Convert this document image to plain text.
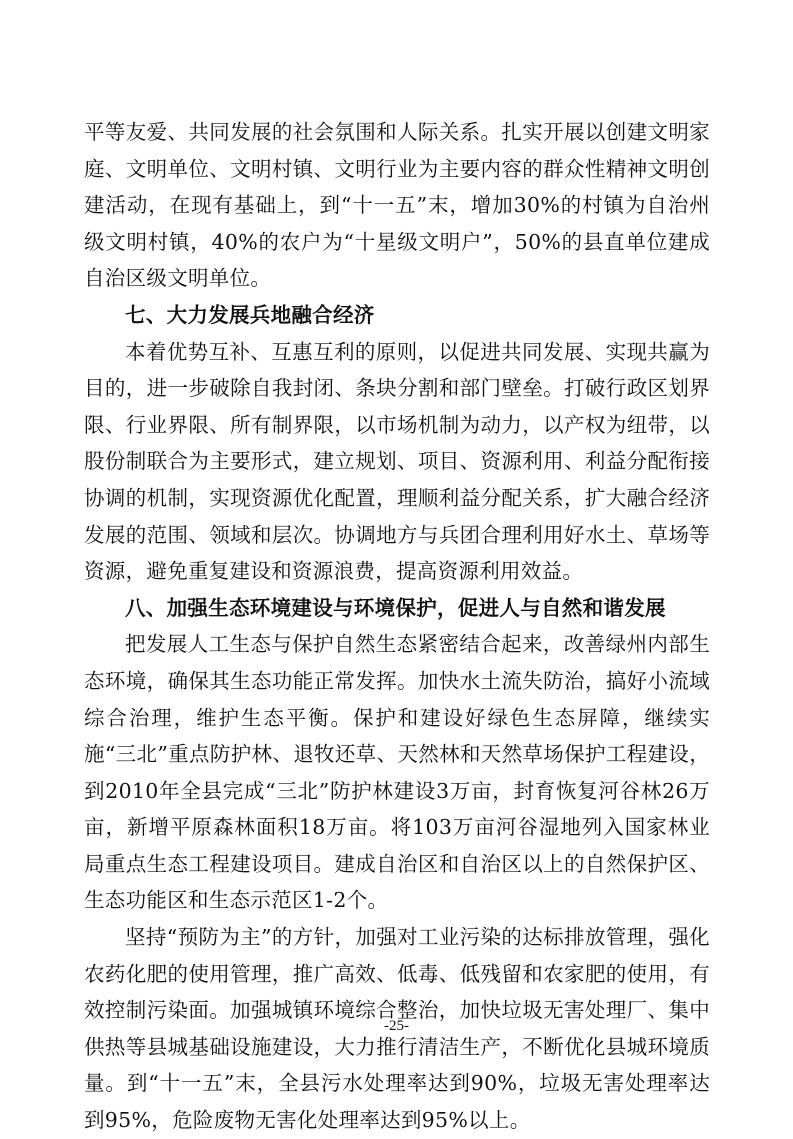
平等友爱、共同发展的社会氛围和人际关系。扎实开展以创建文明家庭、文明单位、文明村镇、文明行业为主要内容的群众性精神文明创建活动，在现有基础上，到“十一五”末，增加30%的村镇为自治州级文明村镇，40%的农户为“十星级文明户”，50%的县直单位建成自治区级文明单位。

七、大力发展兵地融合经济

本着优势互补、互惠互利的原则，以促进共同发展、实现共赢为目的，进一步破除自我封闭、条块分割和部门壁垒。打破行政区划界限、行业界限、所有制界限，以市场机制为动力，以产权为纽带，以股份制联合为主要形式，建立规划、项目、资源利用、利益分配衔接协调的机制，实现资源优化配置，理顺利益分配关系，扩大融合经济发展的范围、领域和层次。协调地方与兵团合理利用好水土、草场等资源，避免重复建设和资源浪费，提高资源利用效益。

八、加强生态环境建设与环境保护，促进人与自然和谐发展

把发展人工生态与保护自然生态紧密结合起来，改善绿州内部生态环境，确保其生态功能正常发挥。加快水土流失防治，搞好小流域综合治理，维护生态平衡。保护和建设好绿色生态屏障，继续实施“三北”重点防护林、退牧还草、天然林和天然草场保护工程建设，到2010年全县完成“三北”防护林建设3万亩，封育恢复河谷林26万亩，新增平原森林面积18万亩。将103万亩河谷湿地列入国家林业局重点生态工程建设项目。建成自治区和自治区以上的自然保护区、生态功能区和生态示范区1-2个。

坚持“预防为主”的方针，加强对工业污染的达标排放管理，强化农药化肥的使用管理，推广高效、低毒、低残留和农家肥的使用，有效控制污染面。加强城镇环境综合整治，加快垃圾无害处理厂、集中供热等县城基础设施建设，大力推行清洁生产，不断优化县城环境质量。到“十一五”末，全县污水处理率达到90%，垃圾无害处理率达到95%，危险废物无害化处理率达到95%以上。

-25-
